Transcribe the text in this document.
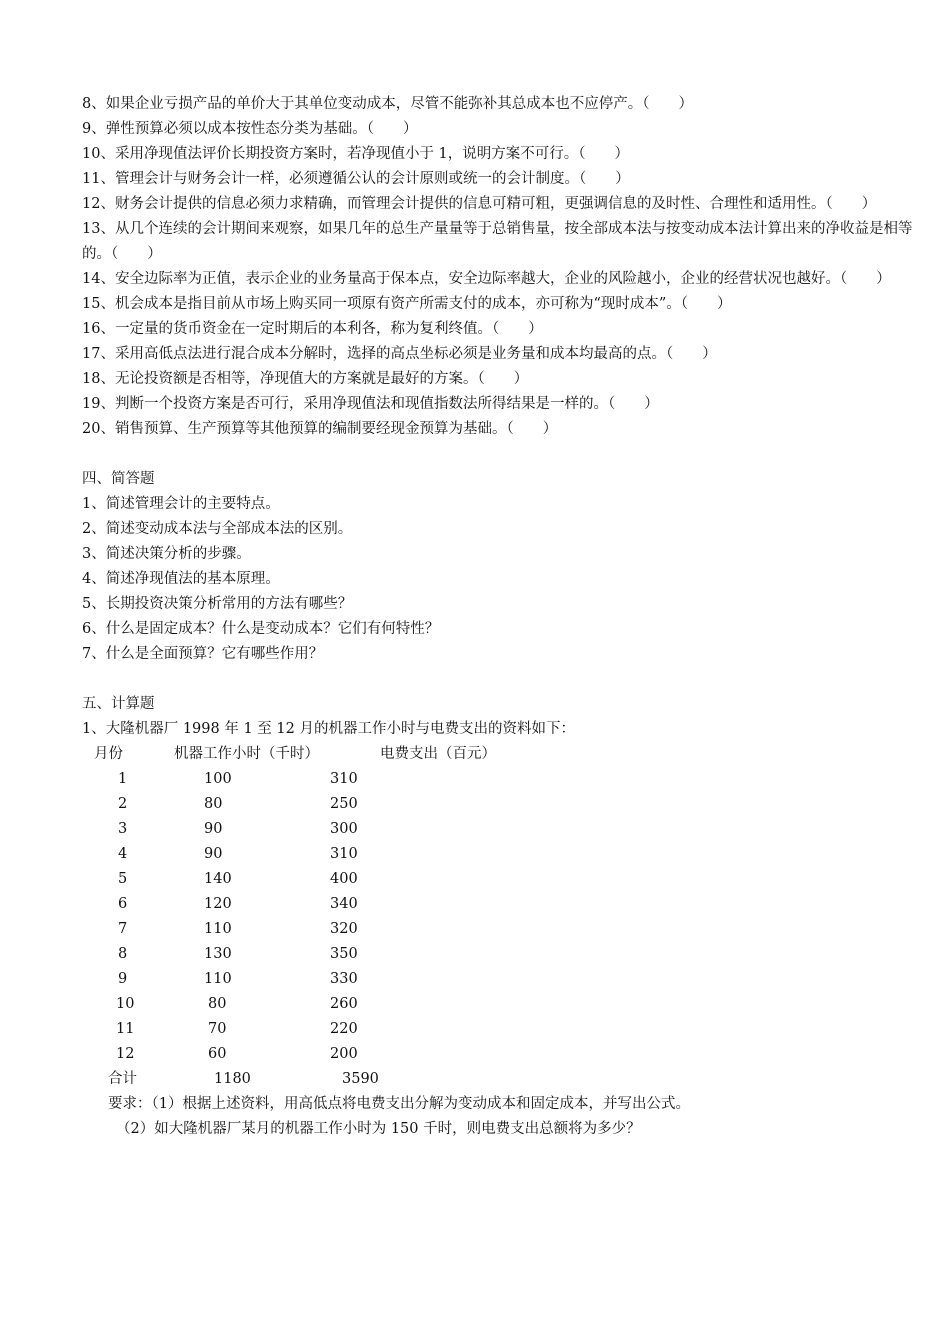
8、如果企业亏损产品的单价大于其单位变动成本，尽管不能弥补其总成本也不应停产。（　　）
9、弹性预算必须以成本按性态分类为基础。（　　）
10、采用净现值法评价长期投资方案时，若净现值小于 1，说明方案不可行。（　　）
11、管理会计与财务会计一样，必须遵循公认的会计原则或统一的会计制度。（　　）
12、财务会计提供的信息必须力求精确，而管理会计提供的信息可精可粗，更强调信息的及时性、合理性和适用性。（　　）
13、从几个连续的会计期间来观察，如果几年的总生产量量等于总销售量，按全部成本法与按变动成本法计算出来的净收益是相等的。（　　）
14、安全边际率为正值，表示企业的业务量高于保本点，安全边际率越大，企业的风险越小，企业的经营状况也越好。（　　）
15、机会成本是指目前从市场上购买同一项原有资产所需支付的成本，亦可称为“现时成本”。（　　）
16、一定量的货币资金在一定时期后的本利各，称为复利终值。（　　）
17、采用高低点法进行混合成本分解时，选择的高点坐标必须是业务量和成本均最高的点。（　　）
18、无论投资额是否相等，净现值大的方案就是最好的方案。（　　）
19、判断一个投资方案是否可行，采用净现值法和现值指数法所得结果是一样的。（　　）
20、销售预算、生产预算等其他预算的编制要经现金预算为基础。（　　）
四、简答题
1、简述管理会计的主要特点。
2、简述变动成本法与全部成本法的区别。
3、简述决策分析的步骤。
4、简述净现值法的基本原理。
5、长期投资决策分析常用的方法有哪些？
6、什么是固定成本？什么是变动成本？它们有何特性？
7、什么是全面预算？它有哪些作用？
五、计算题
1、大隆机器厂 1998 年 1 至 12 月的机器工作小时与电费支出的资料如下：
月份	机器工作小时（千时）	电费支出（百元）
1	100	310
2	80	250
3	90	300
4	90	310
5	140	400
6	120	340
7	110	320
8	130	350
9	110	330
10	80	260
11	70	220
12	60	200
合计	1180	3590
要求：（1）根据上述资料，用高低点将电费支出分解为变动成本和固定成本，并写出公式。
（2）如大隆机器厂某月的机器工作小时为 150 千时，则电费支出总额将为多少？
